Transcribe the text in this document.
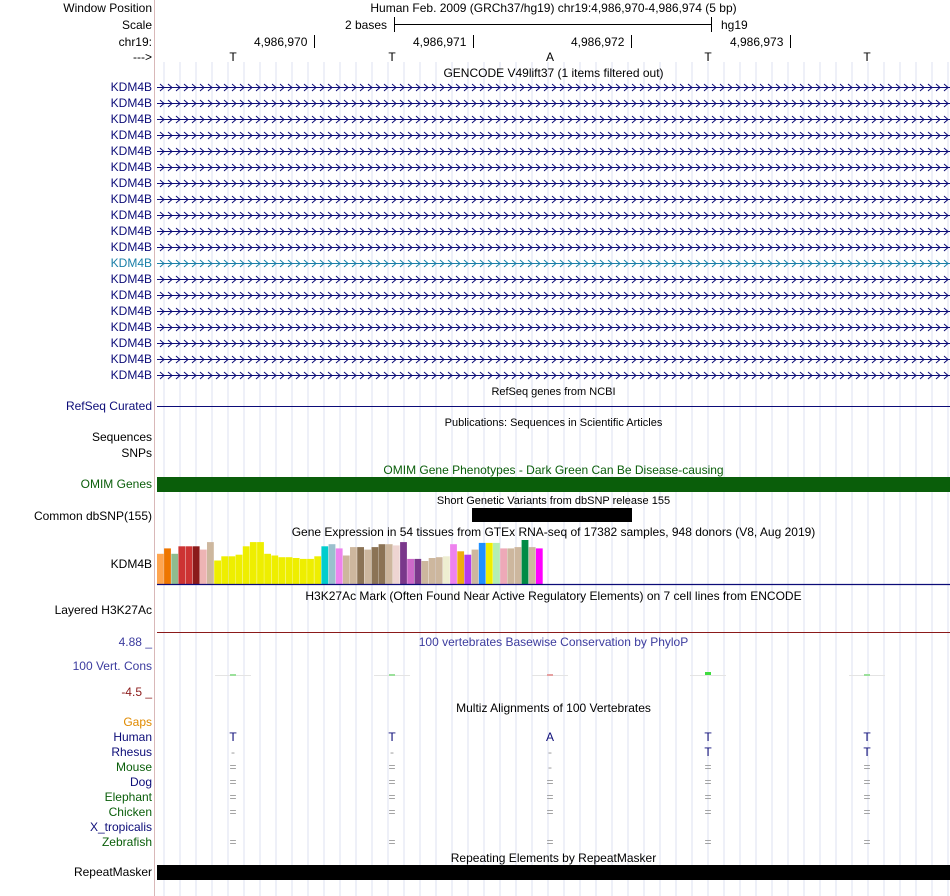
Window Position
Scale
chr19:
--->
Human Feb. 2009 (GRCh37/hg19) chr19:4,986,970-4,986,974 (5 bp)
2 bases	hg19
4,986,970	4,986,971	4,986,972	4,986,973
T	T	A	T	T
GENCODE V49lift37 (1 items filtered out)
KDM4B
KDM4B
KDM4B
KDM4B
KDM4B
KDM4B
KDM4B
KDM4B
KDM4B
KDM4B
KDM4B
KDM4B
KDM4B
KDM4B
KDM4B
KDM4B
KDM4B
KDM4B
KDM4B
RefSeq genes from NCBI
RefSeq Curated
Publications: Sequences in Scientific Articles
Sequences
SNPs
OMIM Gene Phenotypes - Dark Green Can Be Disease-causing
OMIM Genes
Short Genetic Variants from dbSNP release 155
Common dbSNP(155)
Gene Expression in 54 tissues from GTEx RNA-seq of 17382 samples, 948 donors (V8, Aug 2019)
KDM4B
H3K27Ac Mark (Often Found Near Active Regulatory Elements) on 7 cell lines from ENCODE
Layered H3K27Ac
4.88 _	100 vertebrates Basewise Conservation by PhyloP
100 Vert. Cons
-4.5 _
Multiz Alignments of 100 Vertebrates
Gaps
Human	T	T	A	T	T
Rhesus	-	-	-	T	T
Mouse	=	=	-	=	=
Dog	=	=	=	=	=
Elephant	=	=	=	=	=
Chicken	=	=	=	=	=
X_tropicalis
Zebrafish	=	=	=	=	=
Repeating Elements by RepeatMasker
RepeatMasker
